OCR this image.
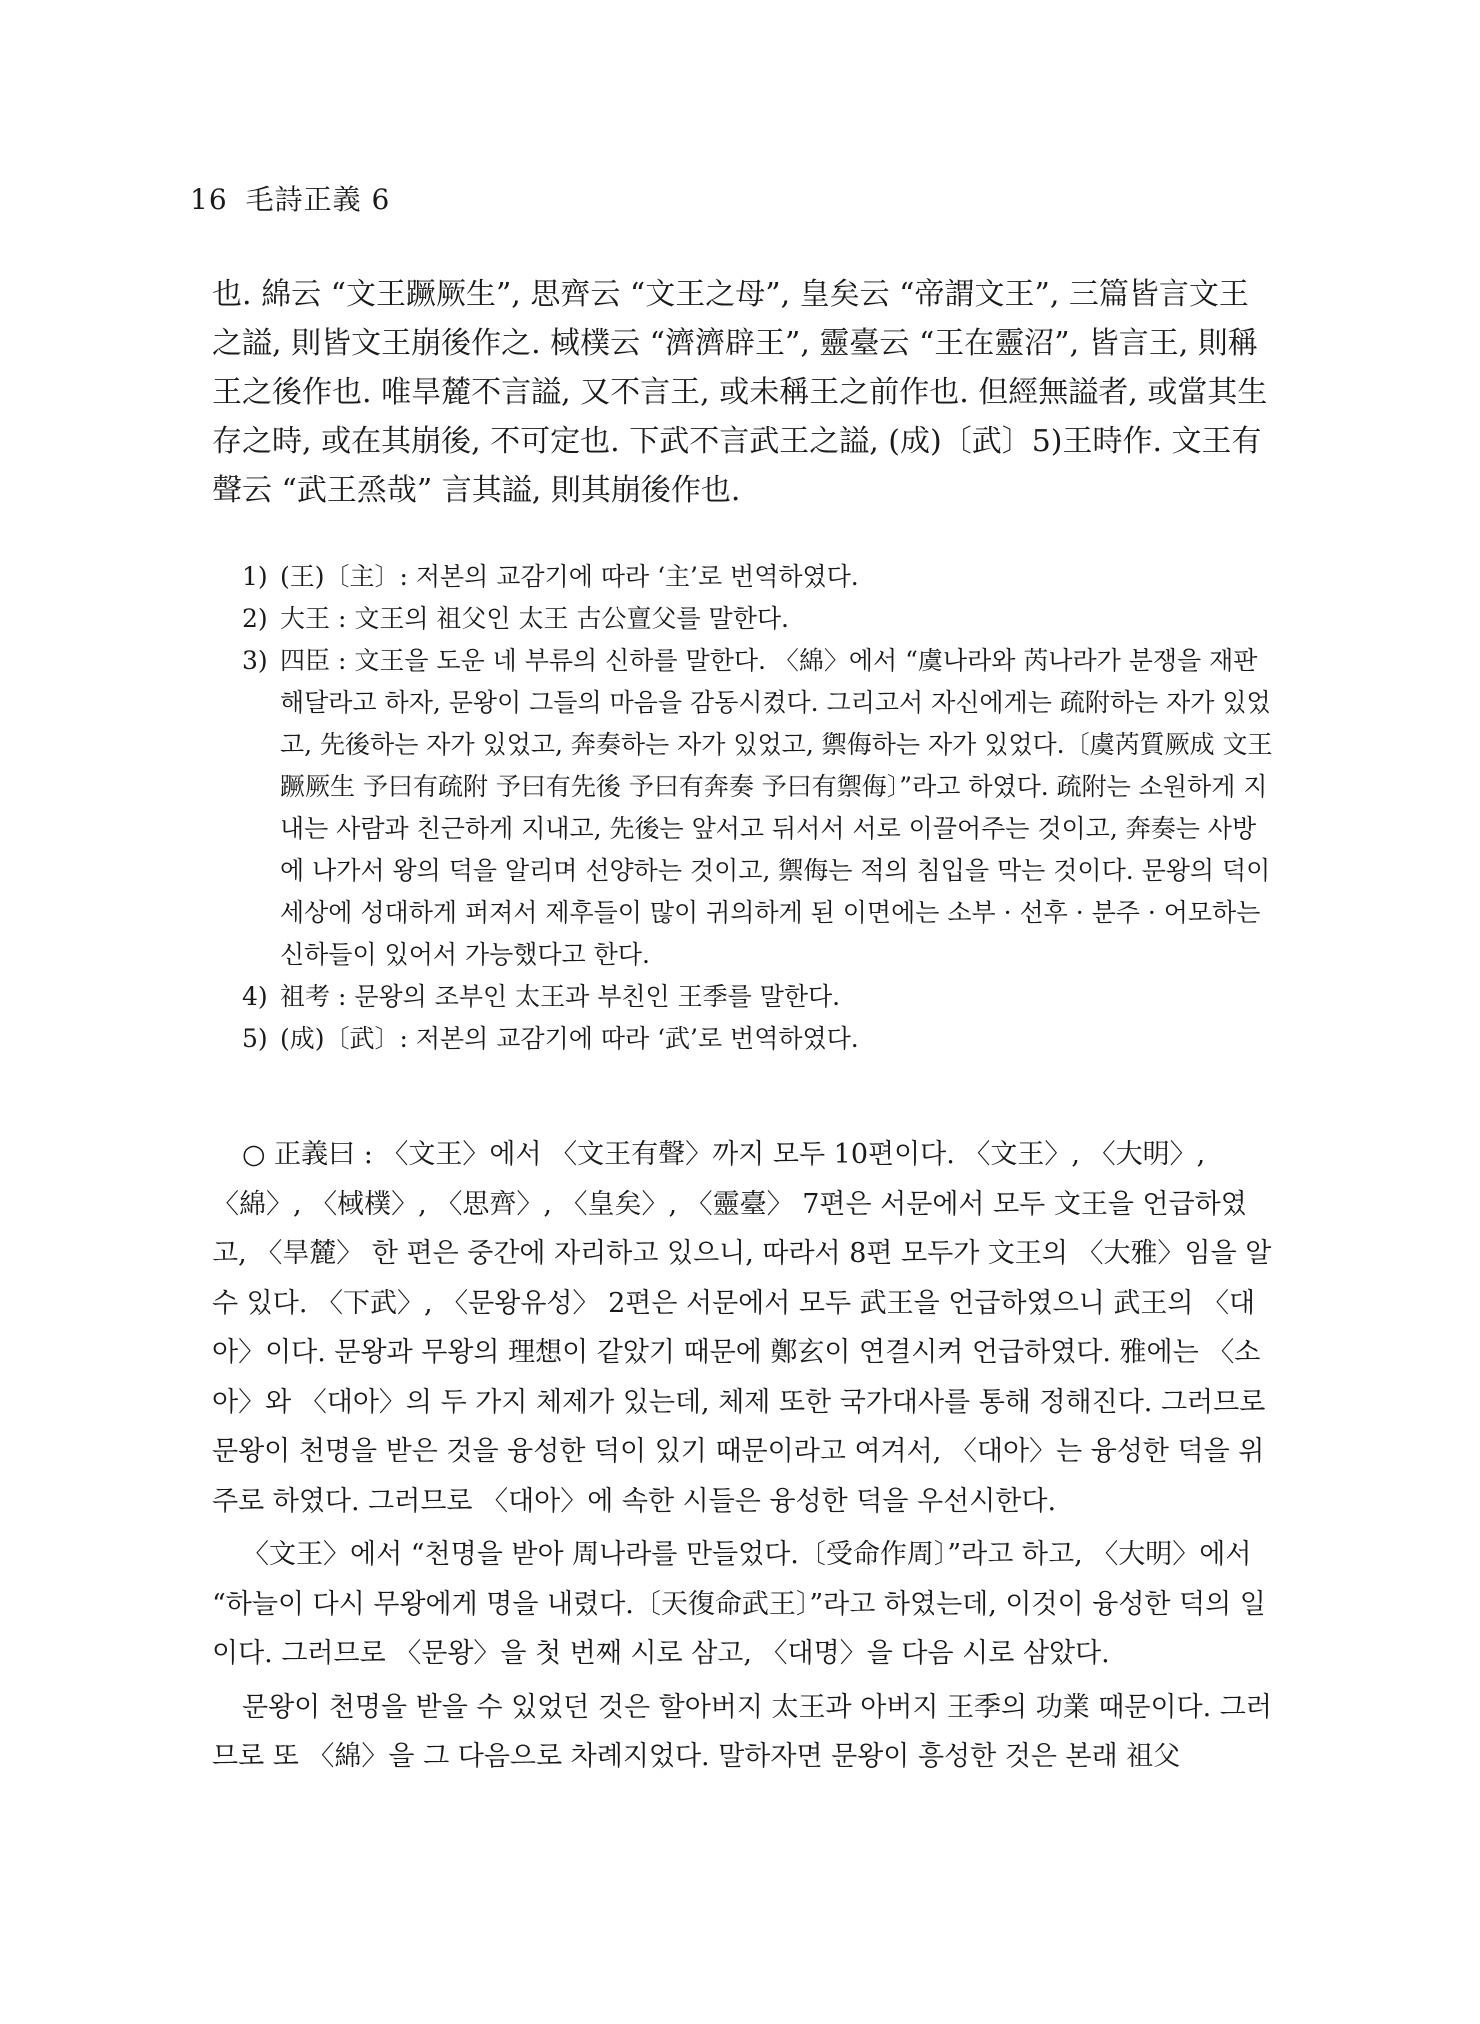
16 毛詩正義 6

也. 綿云 “文王蹶厥生”, 思齊云 “文王之母”, 皇矣云 “帝謂文王”, 三篇皆言文王之謚, 則皆文王崩後作之. 棫樸云 “濟濟辟王”, 靈臺云 “王在靈沼”, 皆言王, 則稱王之後作也. 唯旱麓不言謚, 又不言王, 或未稱王之前作也. 但經無謚者, 或當其生存之時, 或在其崩後, 不可定也. 下武不言武王之謚, (成)〔武〕5)王時作. 文王有聲云 “武王烝哉” 言其謚, 則其崩後作也.

1) (王)〔主〕: 저본의 교감기에 따라 ‘主’로 번역하였다.
2) 大王 : 文王의 祖父인 太王 古公亶父를 말한다.
3) 四臣 : 文王을 도운 네 부류의 신하를 말한다. 〈綿〉에서 “虞나라와 芮나라가 분쟁을 재판해달라고 하자, 문왕이 그들의 마음을 감동시켰다. 그리고서 자신에게는 疏附하는 자가 있었고, 先後하는 자가 있었고, 奔奏하는 자가 있었고, 禦侮하는 자가 있었다.〔虞芮質厥成 文王蹶厥生 予曰有疏附 予曰有先後 予曰有奔奏 予曰有禦侮〕”라고 하였다. 疏附는 소원하게 지내는 사람과 친근하게 지내고, 先後는 앞서고 뒤서서 서로 이끌어주는 것이고, 奔奏는 사방에 나가서 왕의 덕을 알리며 선양하는 것이고, 禦侮는 적의 침입을 막는 것이다. 문왕의 덕이 세상에 성대하게 퍼져서 제후들이 많이 귀의하게 된 이면에는 소부 · 선후 · 분주 · 어모하는 신하들이 있어서 가능했다고 한다.
4) 祖考 : 문왕의 조부인 太王과 부친인 王季를 말한다.
5) (成)〔武〕: 저본의 교감기에 따라 ‘武’로 번역하였다.

○ 正義曰 : 〈文王〉에서 〈文王有聲〉까지 모두 10편이다. 〈文王〉, 〈大明〉, 〈綿〉, 〈棫樸〉, 〈思齊〉, 〈皇矣〉, 〈靈臺〉 7편은 서문에서 모두 文王을 언급하였고, 〈旱麓〉 한 편은 중간에 자리하고 있으니, 따라서 8편 모두가 文王의 〈大雅〉임을 알 수 있다. 〈下武〉, 〈문왕유성〉 2편은 서문에서 모두 武王을 언급하였으니 武王의 〈대아〉이다. 문왕과 무왕의 理想이 같았기 때문에 鄭玄이 연결시켜 언급하였다. 雅에는 〈소아〉와 〈대아〉의 두 가지 체제가 있는데, 체제 또한 국가대사를 통해 정해진다. 그러므로 문왕이 천명을 받은 것을 융성한 덕이 있기 때문이라고 여겨서, 〈대아〉는 융성한 덕을 위주로 하였다. 그러므로 〈대아〉에 속한 시들은 융성한 덕을 우선시한다.

〈文王〉에서 “천명을 받아 周나라를 만들었다.〔受命作周〕”라고 하고, 〈大明〉에서 “하늘이 다시 무왕에게 명을 내렸다.〔天復命武王〕”라고 하였는데, 이것이 융성한 덕의 일이다. 그러므로 〈문왕〉을 첫 번째 시로 삼고, 〈대명〉을 다음 시로 삼았다.

문왕이 천명을 받을 수 있었던 것은 할아버지 太王과 아버지 王季의 功業 때문이다. 그러므로 또 〈綿〉을 그 다음으로 차례지었다. 말하자면 문왕이 흥성한 것은 본래 祖父
